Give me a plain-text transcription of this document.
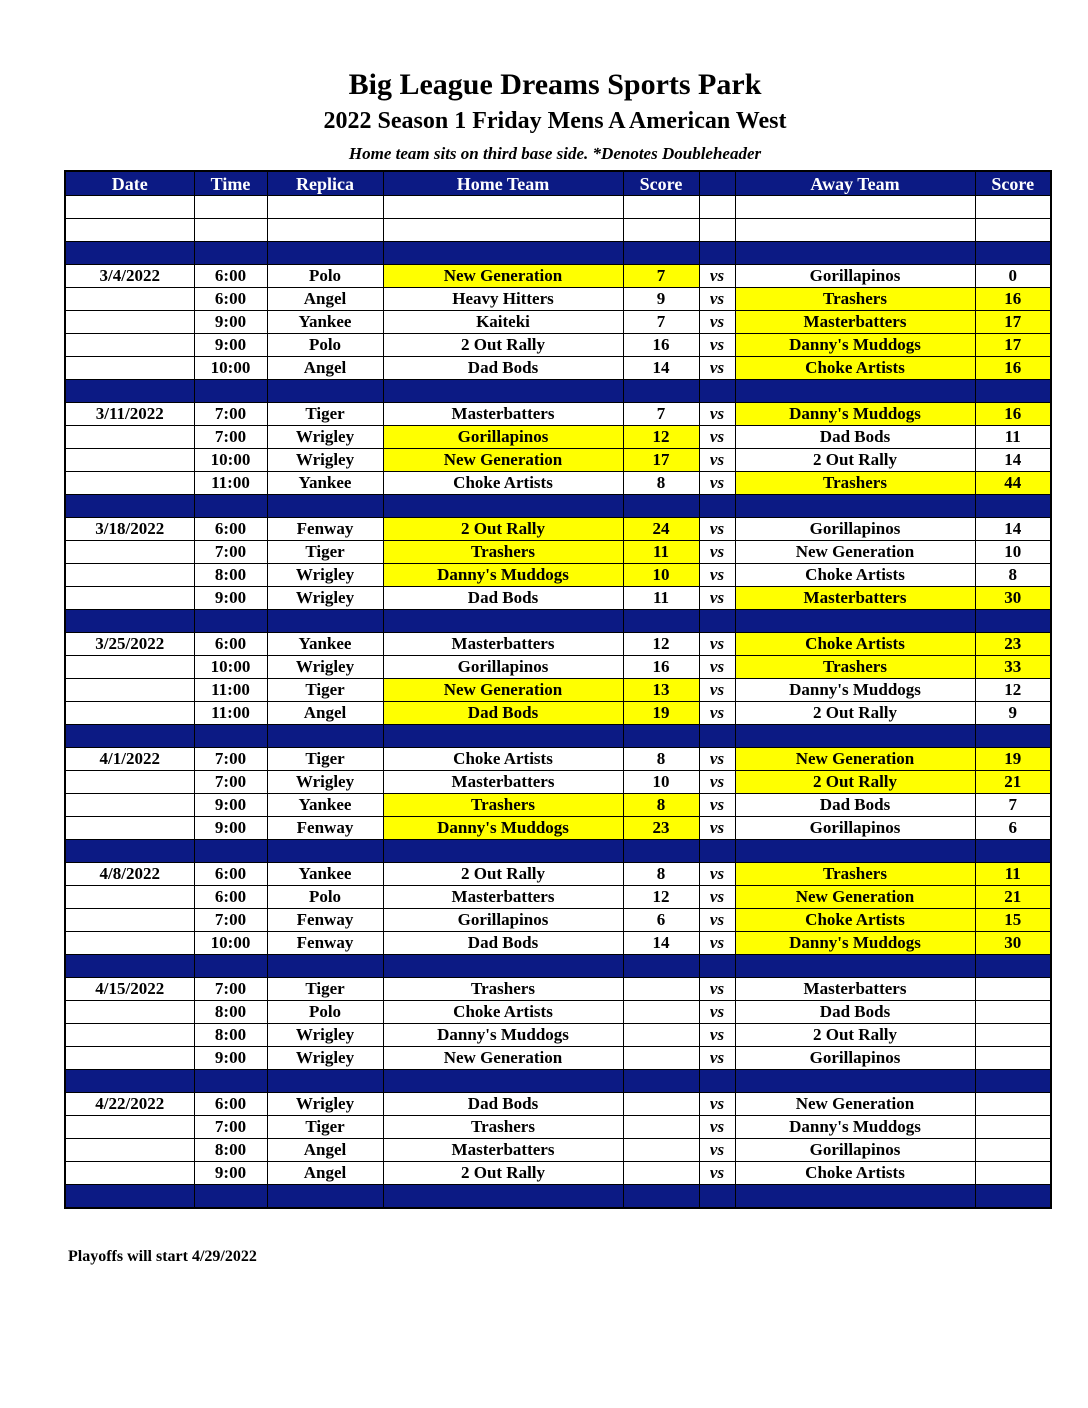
Big League Dreams Sports Park
2022 Season 1 Friday Mens A American West
Home team sits on third base side. *Denotes Doubleheader
Date	Time	Replica	Home Team	Score		Away Team	Score

3/4/2022	6:00	Polo	New Generation	7	vs	Gorillapinos	0
	6:00	Angel	Heavy Hitters	9	vs	Trashers	16
	9:00	Yankee	Kaiteki	7	vs	Masterbatters	17
	9:00	Polo	2 Out Rally	16	vs	Danny's Muddogs	17
	10:00	Angel	Dad Bods	14	vs	Choke Artists	16

3/11/2022	7:00	Tiger	Masterbatters	7	vs	Danny's Muddogs	16
	7:00	Wrigley	Gorillapinos	12	vs	Dad Bods	11
	10:00	Wrigley	New Generation	17	vs	2 Out Rally	14
	11:00	Yankee	Choke Artists	8	vs	Trashers	44

3/18/2022	6:00	Fenway	2 Out Rally	24	vs	Gorillapinos	14
	7:00	Tiger	Trashers	11	vs	New Generation	10
	8:00	Wrigley	Danny's Muddogs	10	vs	Choke Artists	8
	9:00	Wrigley	Dad Bods	11	vs	Masterbatters	30

3/25/2022	6:00	Yankee	Masterbatters	12	vs	Choke Artists	23
	10:00	Wrigley	Gorillapinos	16	vs	Trashers	33
	11:00	Tiger	New Generation	13	vs	Danny's Muddogs	12
	11:00	Angel	Dad Bods	19	vs	2 Out Rally	9

4/1/2022	7:00	Tiger	Choke Artists	8	vs	New Generation	19
	7:00	Wrigley	Masterbatters	10	vs	2 Out Rally	21
	9:00	Yankee	Trashers	8	vs	Dad Bods	7
	9:00	Fenway	Danny's Muddogs	23	vs	Gorillapinos	6

4/8/2022	6:00	Yankee	2 Out Rally	8	vs	Trashers	11
	6:00	Polo	Masterbatters	12	vs	New Generation	21
	7:00	Fenway	Gorillapinos	6	vs	Choke Artists	15
	10:00	Fenway	Dad Bods	14	vs	Danny's Muddogs	30

4/15/2022	7:00	Tiger	Trashers		vs	Masterbatters	
	8:00	Polo	Choke Artists		vs	Dad Bods	
	8:00	Wrigley	Danny's Muddogs		vs	2 Out Rally	
	9:00	Wrigley	New Generation		vs	Gorillapinos	

4/22/2022	6:00	Wrigley	Dad Bods		vs	New Generation	
	7:00	Tiger	Trashers		vs	Danny's Muddogs	
	8:00	Angel	Masterbatters		vs	Gorillapinos	
	9:00	Angel	2 Out Rally		vs	Choke Artists	

Playoffs will start 4/29/2022
